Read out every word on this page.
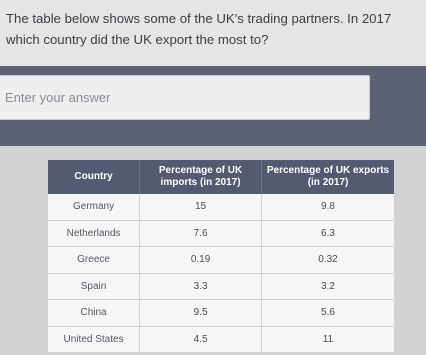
The table below shows some of the UK's trading partners. In 2017
which country did the UK export the most to?
Enter your answer
Country	Percentage of UK imports (in 2017)	Percentage of UK exports (in 2017)
Germany	15	9.8
Netherlands	7.6	6.3
Greece	0.19	0.32
Spain	3.3	3.2
China	9.5	5.6
United States	4.5	11
